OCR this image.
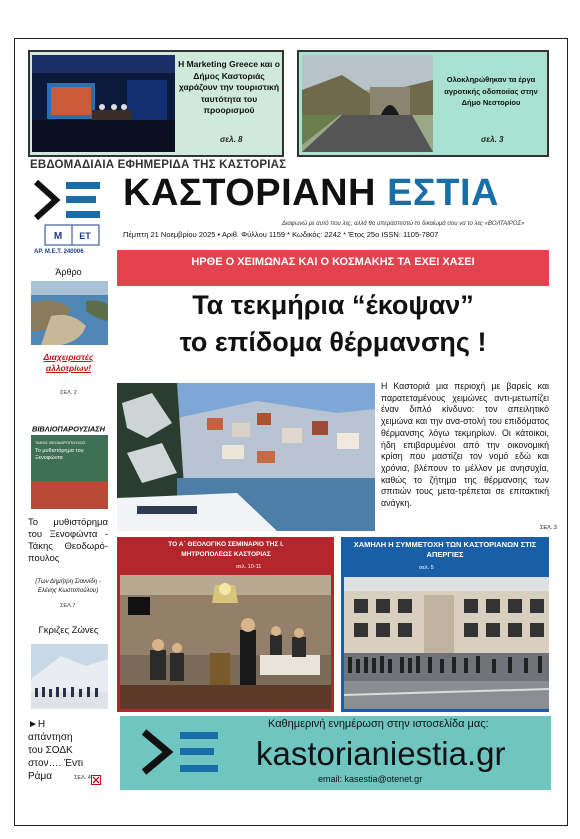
Η Marketing Greece και ο Δήμος Καστοριάς χαράζουν την τουριστική ταυτότητα του προορισμού
σελ. 8
Ολοκληρώθηκαν τα έργα αγροτικής οδοποιίας στην Δήμο Νεστορίου
σελ. 3
ΕΒΔΟΜΑΔΙΑΙΑ ΕΦΗΜΕΡΙΔΑ ΤΗΣ ΚΑΣΤΟΡΙΑΣ
ΚΑΣΤΟΡΙΑΝΗ ΕΣΤΙΑ
Διαφωνώ με αυτό που λες, αλλά θα υπερασπιστώ το δικαίωμά σου να το λες «ΒΟΛΤΑΙΡΟΣ»
Πέμπτη 21 Νοεμβρίου 2025 • Αριθ. Φύλλου 1159 * Κωδικός: 2242 * Έτος 25ο ISSN: 1105-7807
Μ ΕΤ
ΑΡ. Μ.Ε.Τ. 240006
ΗΡΘΕ Ο ΧΕΙΜΩΝΑΣ ΚΑΙ Ο ΚΟΣΜΑΚΗΣ ΤΑ ΕΧΕΙ ΧΑΣΕΙ
Τα τεκμήρια “έκοψαν”
το επίδομα θέρμανσης !
Η Καστοριά μια περιοχή με βαρείς και παρατεταμένους χειμώνες αντι-μετωπίζει έναν διπλό κίνδυνο: τον απειλητικό χειμώνα και την ανα-στολή του επιδόματος θέρμανσης λόγω τεκμηρίων. Οι κάτοικοι, ήδη επιβαρυμένοι από την οικονομική κρίση που μαστίζει τον νομό εδώ και χρόνια, βλέπουν το μέλλον με ανησυχία, καθώς το ζήτημα της θέρμανσης των σπιτιών τους μετα-τρέπεται σε επιτακτική ανάγκη.
ΣΕΛ. 3
Άρθρο
Διαχειριστές αλλοτρίων!
ΣΕΛ. 2
ΒΙΒΛΙΟΠΑΡΟΥΣΙΑΣΗ
ΤΑΚΗΣ ΘΕΟΔΩΡΟΠΟΥΛΟΣ
Το μυθιστόρημα του Ξενοφώντα
Το μυθιστόρημα του Ξενοφώντα - Τάκης Θεοδωρό-πουλος
(Των Δημήτρη Σιαννίδη - Ελένης Κωστοπούλου)
ΣΕΛ.7
Γκριζες Ζώνες
►Η απάντηση του ΣΟΔΚ στον…. Έντι Ράμα	ΣΕΛ. 4
ΤΟ Α΄ ΘΕΟΛΟΓΙΚΟ ΣΕΜΙΝΑΡΙΟ ΤΗΣ Ι. ΜΗΤΡΟΠΟΛΕΩΣ ΚΑΣΤΟΡΙΑΣ
σελ. 10-11
ΧΑΜΗΛΗ Η ΣΥΜΜΕΤΟΧΗ ΤΩΝ ΚΑΣΤΟΡΙΑΝΩΝ ΣΤΙΣ ΑΠΕΡΓΙΕΣ
σελ. 5
Καθημερινή ενημέρωση στην ιστοσελίδα μας:
kastorianiestia.gr
email: kasestia@otenet.gr
